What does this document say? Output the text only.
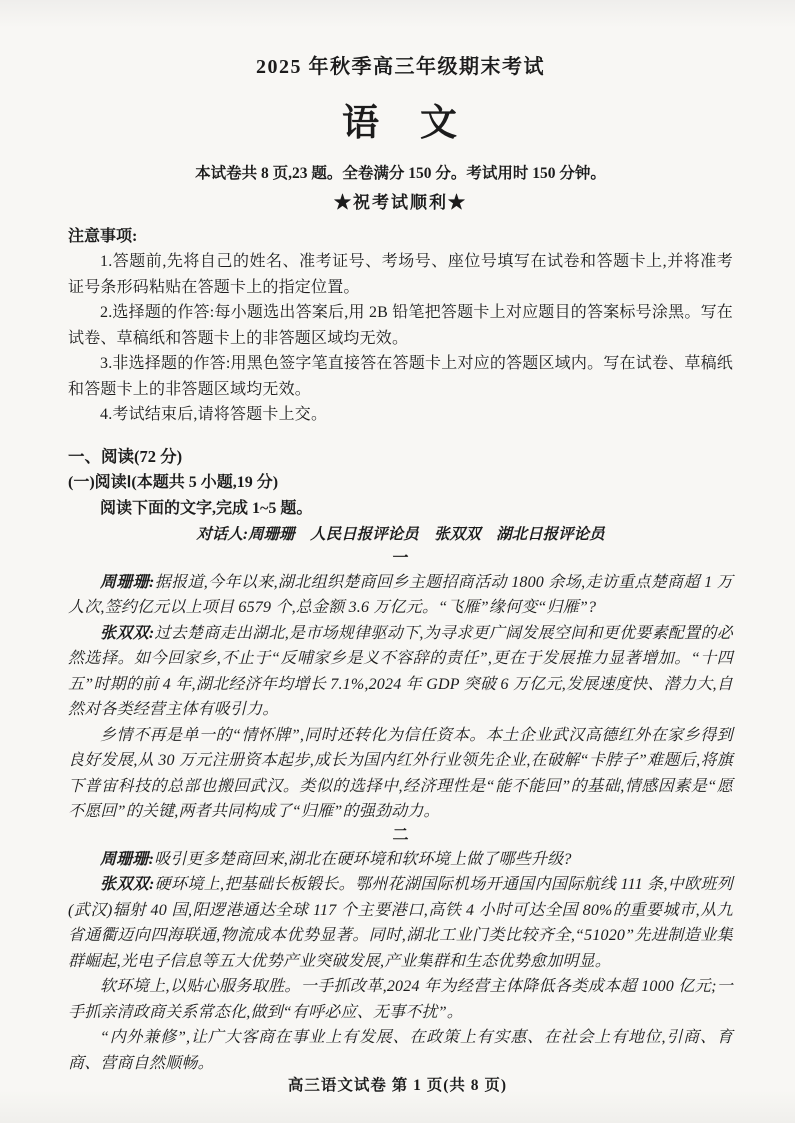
2025 年秋季高三年级期末考试
语　文
本试卷共 8 页,23 题。全卷满分 150 分。考试用时 150 分钟。
★祝考试顺利★
注意事项:

1.答题前,先将自己的姓名、准考证号、考场号、座位号填写在试卷和答题卡上,并将准考证号条形码粘贴在答题卡上的指定位置。

2.选择题的作答:每小题选出答案后,用 2B 铅笔把答题卡上对应题目的答案标号涂黑。写在试卷、草稿纸和答题卡上的非答题区域均无效。

3.非选择题的作答:用黑色签字笔直接答在答题卡上对应的答题区域内。写在试卷、草稿纸和答题卡上的非答题区域均无效。

4.考试结束后,请将答题卡上交。

一、阅读(72 分)
(一)阅读Ⅰ(本题共 5 小题,19 分)
阅读下面的文字,完成 1~5 题。
对话人:周珊珊　人民日报评论员　张双双　湖北日报评论员
一

周珊珊:据报道,今年以来,湖北组织楚商回乡主题招商活动 1800 余场,走访重点楚商超 1 万人次,签约亿元以上项目 6579 个,总金额 3.6 万亿元。“飞雁”缘何变“归雁”?

张双双:过去楚商走出湖北,是市场规律驱动下,为寻求更广阔发展空间和更优要素配置的必然选择。如今回家乡,不止于“反哺家乡是义不容辞的责任”,更在于发展推力显著增加。“十四五”时期的前 4 年,湖北经济年均增长 7.1%,2024 年 GDP 突破 6 万亿元,发展速度快、潜力大,自然对各类经营主体有吸引力。

乡情不再是单一的“情怀牌”,同时还转化为信任资本。本土企业武汉高德红外在家乡得到良好发展,从 30 万元注册资本起步,成长为国内红外行业领先企业,在破解“卡脖子”难题后,将旗下普宙科技的总部也搬回武汉。类似的选择中,经济理性是“能不能回”的基础,情感因素是“愿不愿回”的关键,两者共同构成了“归雁”的强劲动力。

二

周珊珊:吸引更多楚商回来,湖北在硬环境和软环境上做了哪些升级?

张双双:硬环境上,把基础长板锻长。鄂州花湖国际机场开通国内国际航线 111 条,中欧班列(武汉)辐射 40 国,阳逻港通达全球 117 个主要港口,高铁 4 小时可达全国 80%的重要城市,从九省通衢迈向四海联通,物流成本优势显著。同时,湖北工业门类比较齐全,“51020”先进制造业集群崛起,光电子信息等五大优势产业突破发展,产业集群和生态优势愈加明显。

软环境上,以贴心服务取胜。一手抓改革,2024 年为经营主体降低各类成本超 1000 亿元;一手抓亲清政商关系常态化,做到“有呼必应、无事不扰”。

“内外兼修”,让广大客商在事业上有发展、在政策上有实惠、在社会上有地位,引商、育商、营商自然顺畅。

高三语文试卷 第 1 页(共 8 页)
